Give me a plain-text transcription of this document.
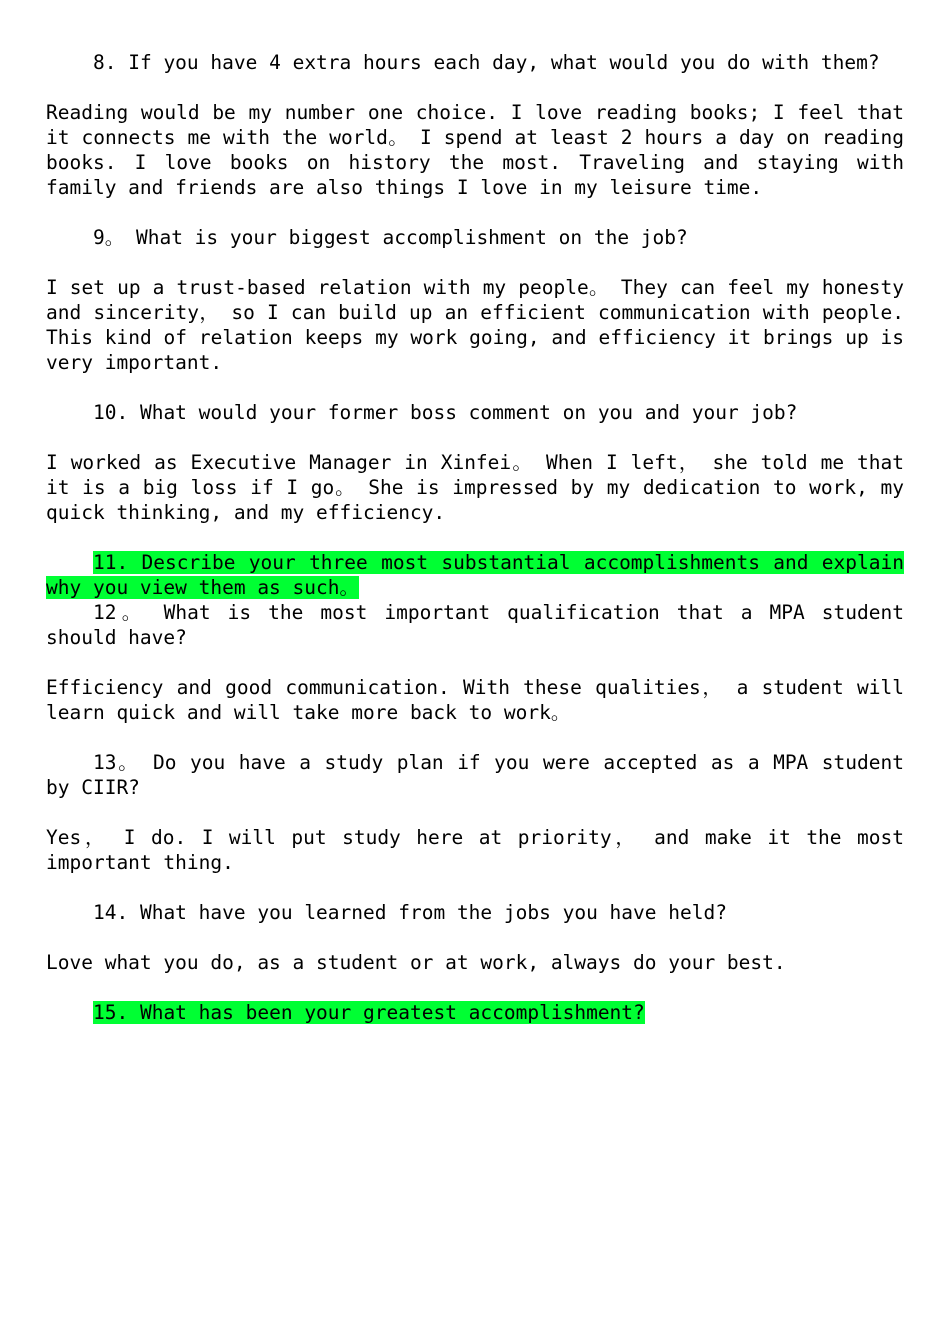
8. If you have 4 extra hours each day, what would you do with them?

Reading would be my number one choice. I love reading books; I feel that it connects me with the world。 I spend at least 2 hours a day on reading books. I love books on history the most. Traveling and staying with family and friends are also things I love in my leisure time.

9。 What is your biggest accomplishment on the job?

I set up a trust-based relation with my people。 They can feel my honesty and sincerity， so I can build up an efficient communication with people. This kind of relation keeps my work going, and efficiency it brings up is very important.

10. What would your former boss comment on you and your job?

I worked as Executive Manager in Xinfei。 When I left， she told me that it is a big loss if I go。 She is impressed by my dedication to work, my quick thinking, and my efficiency.

11. Describe your three most substantial accomplishments and explain why you view them as such。

12。 What is the most important qualification that a MPA student should have?

Efficiency and good communication. With these qualities， a student will learn quick and will take more back to work。

13。 Do you have a study plan if you were accepted as a MPA student by CIIR?

Yes， I do. I will put study here at priority， and make it the most important thing.

14. What have you learned from the jobs you have held?

Love what you do, as a student or at work, always do your best.

15. What has been your greatest accomplishment?
